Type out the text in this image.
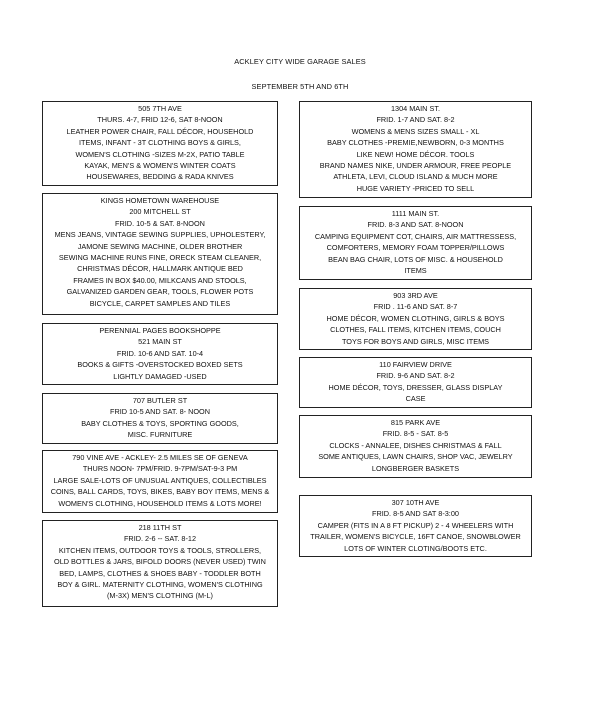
ACKLEY CITY WIDE GARAGE SALES
SEPTEMBER 5TH AND 6TH
505 7TH AVE
THURS. 4-7, FRID 12-6, SAT 8-NOON
LEATHER POWER CHAIR, FALL DÉCOR, HOUSEHOLD
ITEMS, INFANT - 3T CLOTHING BOYS & GIRLS,
WOMEN'S CLOTHING -SIZES M-2X, PATIO TABLE
KAYAK, MEN'S & WOMEN'S WINTER COATS
HOUSEWARES, BEDDING & RADA KNIVES
KINGS HOMETOWN WAREHOUSE
200 MITCHELL ST
FRID. 10-5 & SAT. 8-NOON
MENS JEANS, VINTAGE SEWING SUPPLIES, UPHOLESTERY,
JAMONE SEWING MACHINE, OLDER BROTHER
SEWING MACHINE RUNS FINE, ORECK STEAM CLEANER,
CHRISTMAS DÉCOR, HALLMARK ANTIQUE BED
FRAMES IN BOX $40.00, MILKCANS AND STOOLS,
GALVANIZED GARDEN GEAR, TOOLS, FLOWER POTS
BICYCLE, CARPET SAMPLES AND TILES
PERENNIAL PAGES BOOKSHOPPE
521 MAIN ST
FRID. 10-6 AND SAT. 10-4
BOOKS & GIFTS -OVERSTOCKED BOXED SETS
LIGHTLY DAMAGED -USED
707 BUTLER ST
FRID 10-5 AND SAT. 8- NOON
BABY CLOTHES & TOYS, SPORTING GOODS,
MISC. FURNITURE
790 VINE AVE - ACKLEY- 2.5 MILES SE OF GENEVA
THURS NOON- 7PM/FRID. 9-7PM/SAT-9-3 PM
LARGE SALE-LOTS OF UNUSUAL ANTIQUES, COLLECTIBLES
COINS, BALL CARDS, TOYS, BIKES, BABY BOY ITEMS, MENS &
WOMEN'S CLOTHING, HOUSEHOLD ITEMS & LOTS MORE!
218 11TH ST
FRID. 2-6 -- SAT. 8-12
KITCHEN ITEMS, OUTDOOR TOYS & TOOLS, STROLLERS,
OLD BOTTLES & JARS, BIFOLD DOORS (NEVER USED) TWIN
BED, LAMPS, CLOTHES & SHOES BABY - TODDLER BOTH
BOY & GIRL. MATERNITY CLOTHING, WOMEN'S CLOTHING
(M-3X) MEN'S CLOTHING (M-L)
1304 MAIN ST.
FRID. 1-7 AND SAT. 8-2
WOMENS & MENS SIZES SMALL - XL
BABY CLOTHES -PREMIE,NEWBORN, 0-3 MONTHS
LIKE NEW! HOME DÉCOR. TOOLS
BRAND NAMES NIKE, UNDER ARMOUR, FREE PEOPLE
ATHLETA, LEVI, CLOUD ISLAND & MUCH MORE
HUGE VARIETY -PRICED TO SELL
1111 MAIN ST.
FRID. 8-3 AND SAT. 8-NOON
CAMPING EQUIPMENT COT, CHAIRS, AIR MATTRESSESS,
COMFORTERS, MEMORY FOAM TOPPER/PILLOWS
BEAN BAG CHAIR, LOTS OF MISC. & HOUSEHOLD
ITEMS
903 3RD AVE
FRID . 11-6 AND SAT. 8-7
HOME DÉCOR, WOMEN CLOTHING, GIRLS & BOYS
CLOTHES, FALL ITEMS, KITCHEN ITEMS, COUCH
TOYS FOR BOYS AND GIRLS, MISC ITEMS
110 FAIRVIEW DRIVE
FRID. 9-6 AND SAT. 8-2
HOME DÉCOR, TOYS, DRESSER, GLASS DISPLAY
CASE
815 PARK AVE
FRID. 8-5 - SAT. 8-5
CLOCKS - ANNALEE, DISHES CHRISTMAS & FALL
SOME ANTIQUES, LAWN CHAIRS, SHOP VAC, JEWELRY
LONGBERGER BASKETS
307 10TH AVE
FRID. 8-5 AND SAT 8-3:00
CAMPER (FITS IN A 8 FT PICKUP) 2 - 4 WHEELERS WITH
TRAILER, WOMEN'S BICYCLE, 16FT CANOE, SNOWBLOWER
LOTS OF WINTER CLOTING/BOOTS ETC.
